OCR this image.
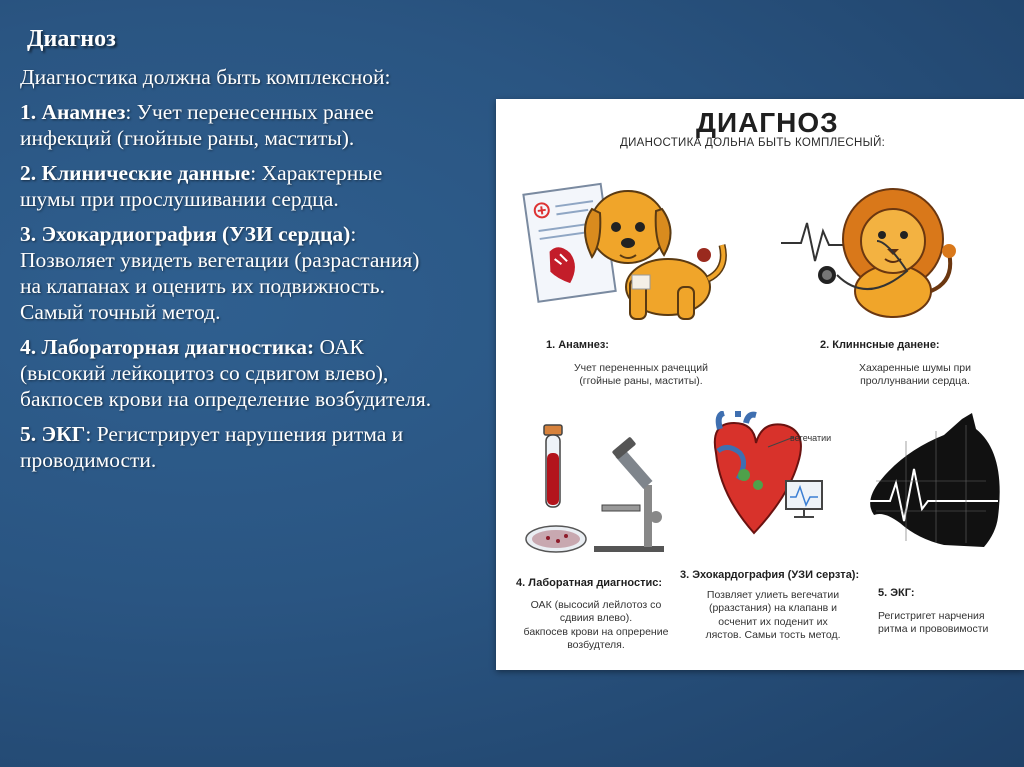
Диагноз

Диагностика должна быть комплексной:

1. Анамнез: Учет перенесенных ранее инфекций (гнойные раны, маститы).

2. Клинические данные: Характерные шумы при прослушивании сердца.

3. Эхокардиография (УЗИ сердца): Позволяет увидеть вегетации (разрастания) на клапанах и оценить их подвижность. Самый точный метод.

4. Лабораторная диагностика: ОАК (высокий лейкоцитоз со сдвигом влево), бакпосев крови на определение возбудителя.

5. ЭКГ: Регистрирует нарушения ритма и проводимости.

ДИАГНОЗ
ДИАНОСТИКА ДОЛЬНА БЫТЬ КОМПЛЕСНЫЙ:
1. Анамнез:
Учет перененных рачецций
(ггойные раны, маститы).
2. Клиннсные данене:
Хахаренные шумы при
проллунвании сердца.
вегечатии
4. Лаборатная диагностис:
ОАК (высосий лейлотоз со
сдвиия влево).
бакпосев крови на опререние
возбудтеля.
3. Эхокардография (УЗИ серзта):
Позвляет улиеть вегечатии
(рразстания) на клапанв и
осченит их поденит их
лястов. Самьи тость метод.
5. ЭКГ:
Регистригет нарчения
ритма и прововимости
